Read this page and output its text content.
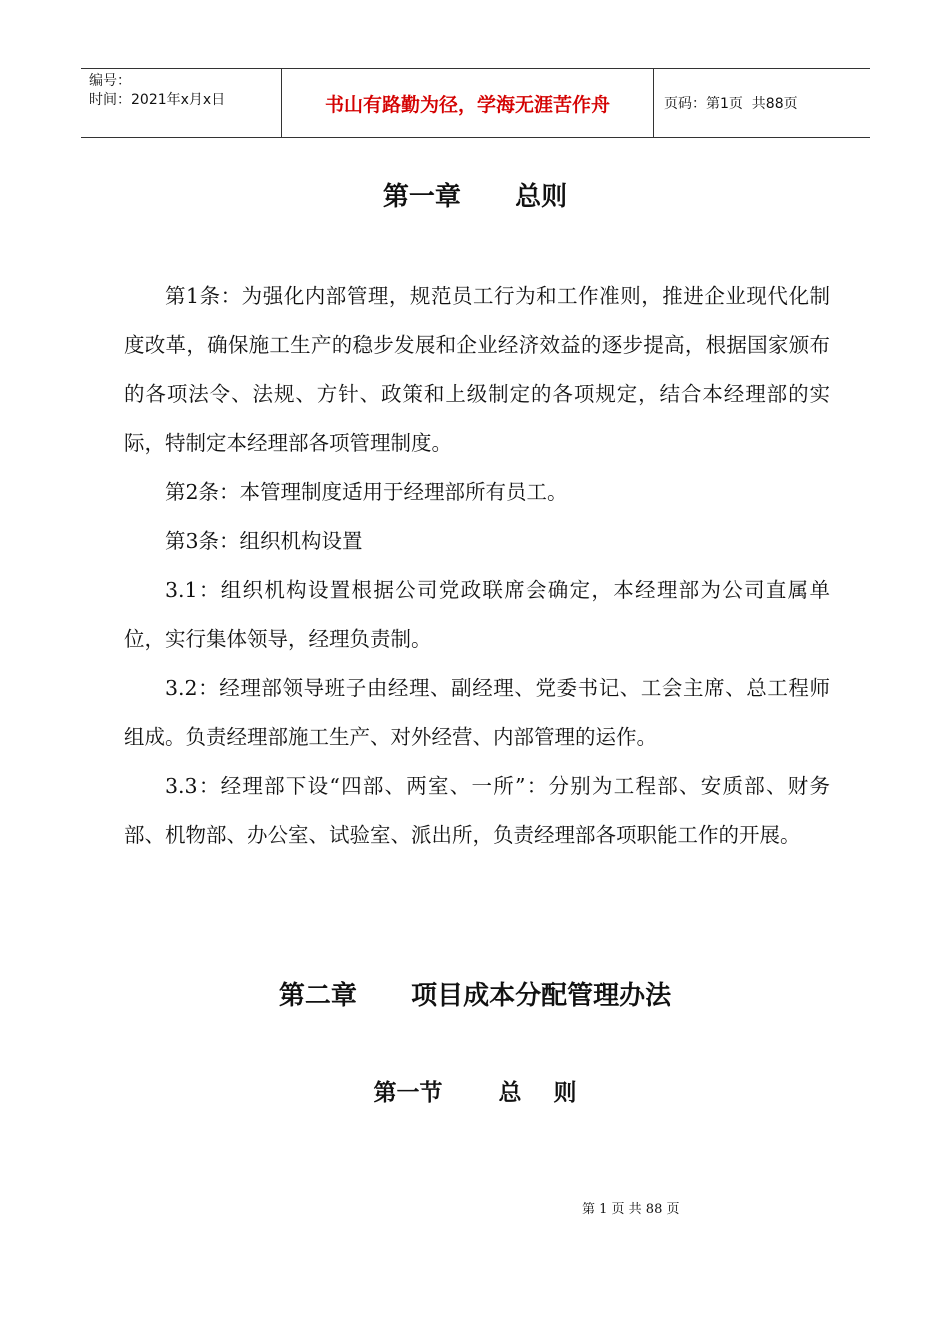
编号：
时间：2021年x月x日	书山有路勤为径，学海无涯苦作舟	页码：第1页  共88页
第一章      总则

第1条：为强化内部管理，规范员工行为和工作准则，推进企业现代化制度改革，确保施工生产的稳步发展和企业经济效益的逐步提高，根据国家颁布的各项法令、法规、方针、政策和上级制定的各项规定，结合本经理部的实际，特制定本经理部各项管理制度。

第2条：本管理制度适用于经理部所有员工。

第3条：组织机构设置

3.1：组织机构设置根据公司党政联席会确定，本经理部为公司直属单位，实行集体领导，经理负责制。

3.2：经理部领导班子由经理、副经理、党委书记、工会主席、总工程师组成。负责经理部施工生产、对外经营、内部管理的运作。

3.3：经理部下设“四部、两室、一所”：分别为工程部、安质部、财务部、机物部、办公室、试验室、派出所，负责经理部各项职能工作的开展。

第二章      项目成本分配管理办法
第一节       总    则
第 1 页 共 88 页
